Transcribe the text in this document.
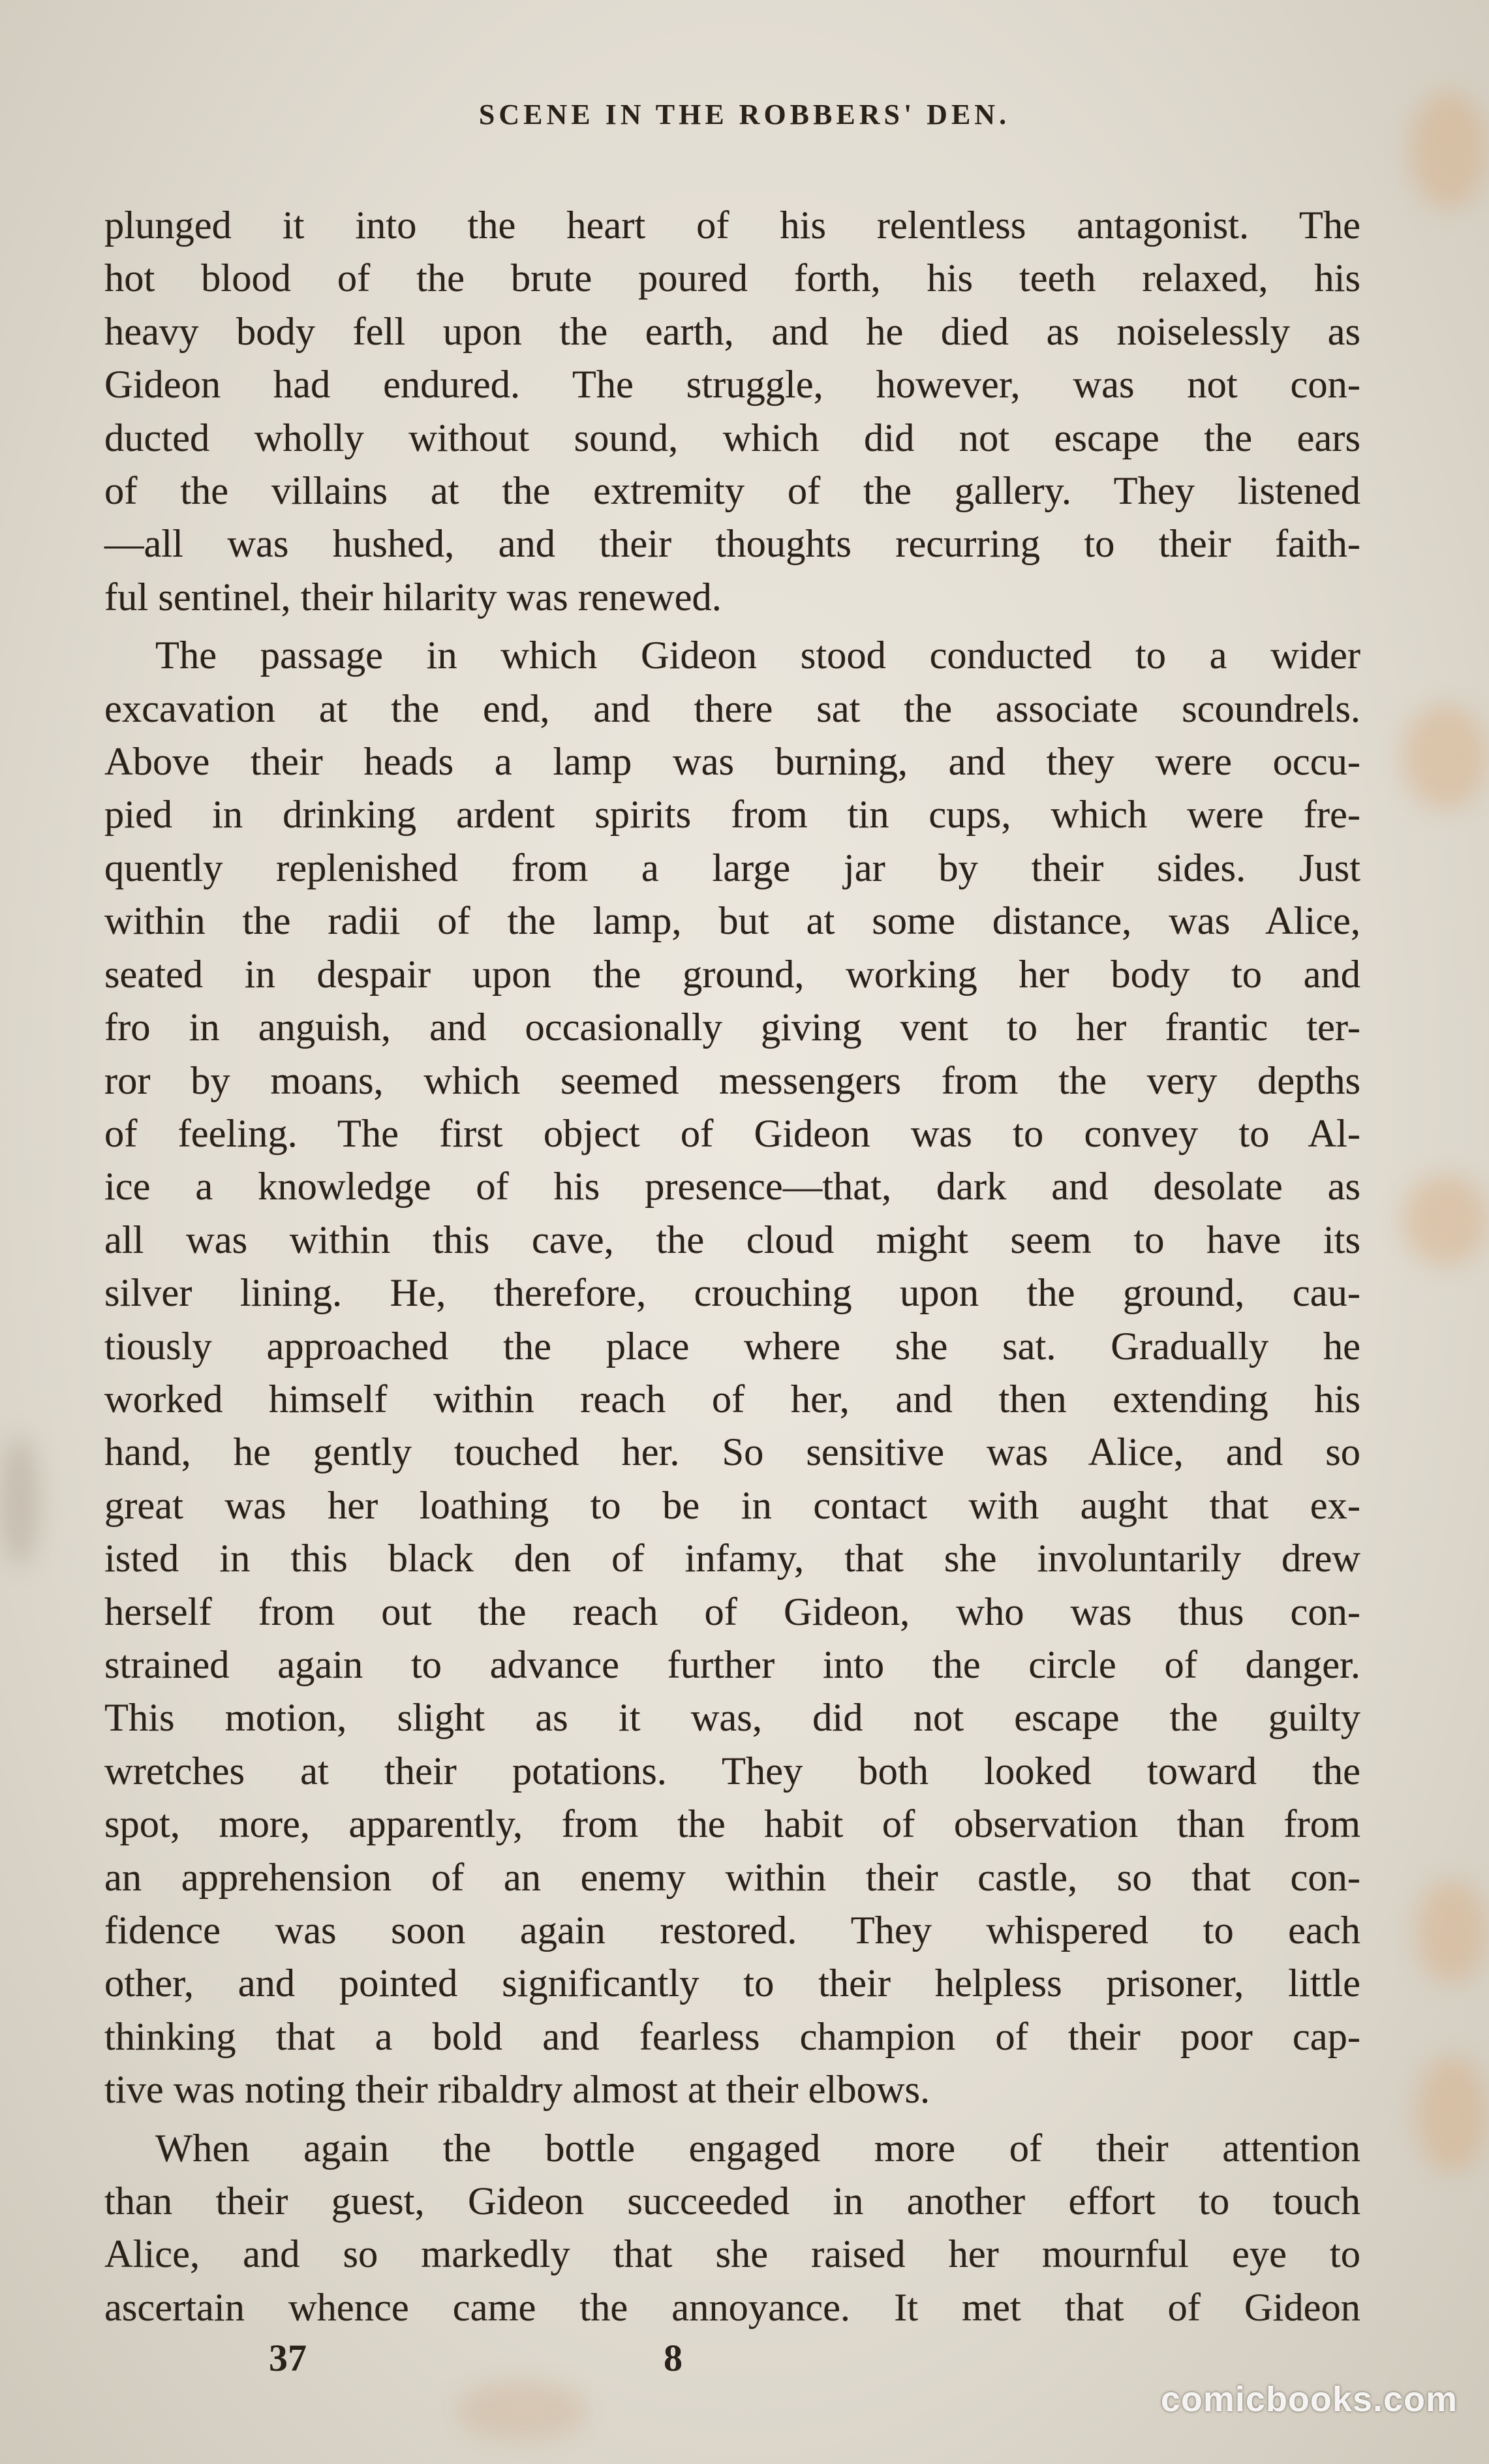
SCENE IN THE ROBBERS' DEN.

plunged it into the heart of his relentless antagonist. The

hot blood of the brute poured forth, his teeth relaxed, his

heavy body fell upon the earth, and he died as noiselessly as

Gideon had endured. The struggle, however, was not con-

ducted wholly without sound, which did not escape the ears

of the villains at the extremity of the gallery. They listened

—all was hushed, and their thoughts recurring to their faith-

ful sentinel, their hilarity was renewed.

The passage in which Gideon stood conducted to a wider

excavation at the end, and there sat the associate scoundrels.

Above their heads a lamp was burning, and they were occu-

pied in drinking ardent spirits from tin cups, which were fre-

quently replenished from a large jar by their sides. Just

within the radii of the lamp, but at some distance, was Alice,

seated in despair upon the ground, working her body to and

fro in anguish, and occasionally giving vent to her frantic ter-

ror by moans, which seemed messengers from the very depths

of feeling. The first object of Gideon was to convey to Al-

ice a knowledge of his presence—that, dark and desolate as

all was within this cave, the cloud might seem to have its

silver lining. He, therefore, crouching upon the ground, cau-

tiously approached the place where she sat. Gradually he

worked himself within reach of her, and then extending his

hand, he gently touched her. So sensitive was Alice, and so

great was her loathing to be in contact with aught that ex-

isted in this black den of infamy, that she involuntarily drew

herself from out the reach of Gideon, who was thus con-

strained again to advance further into the circle of danger.

This motion, slight as it was, did not escape the guilty

wretches at their potations. They both looked toward the

spot, more, apparently, from the habit of observation than from

an apprehension of an enemy within their castle, so that con-

fidence was soon again restored. They whispered to each

other, and pointed significantly to their helpless prisoner, little

thinking that a bold and fearless champion of their poor cap-

tive was noting their ribaldry almost at their elbows.

When again the bottle engaged more of their attention

than their guest, Gideon succeeded in another effort to touch

Alice, and so markedly that she raised her mournful eye to

ascertain whence came the annoyance. It met that of Gideon

37	8
comicbooks.com
